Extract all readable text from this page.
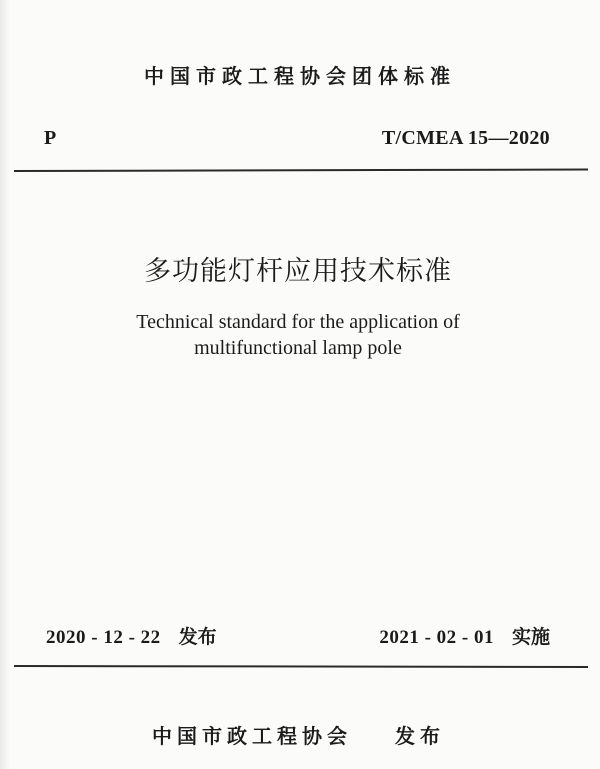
中国市政工程协会团体标准
P	T/CMEA 15—2020
多功能灯杆应用技术标准
Technical standard for the application of
multifunctional lamp pole
2020 - 12 - 22 发布	2021 - 02 - 01 实施
中国市政工程协会 发布
